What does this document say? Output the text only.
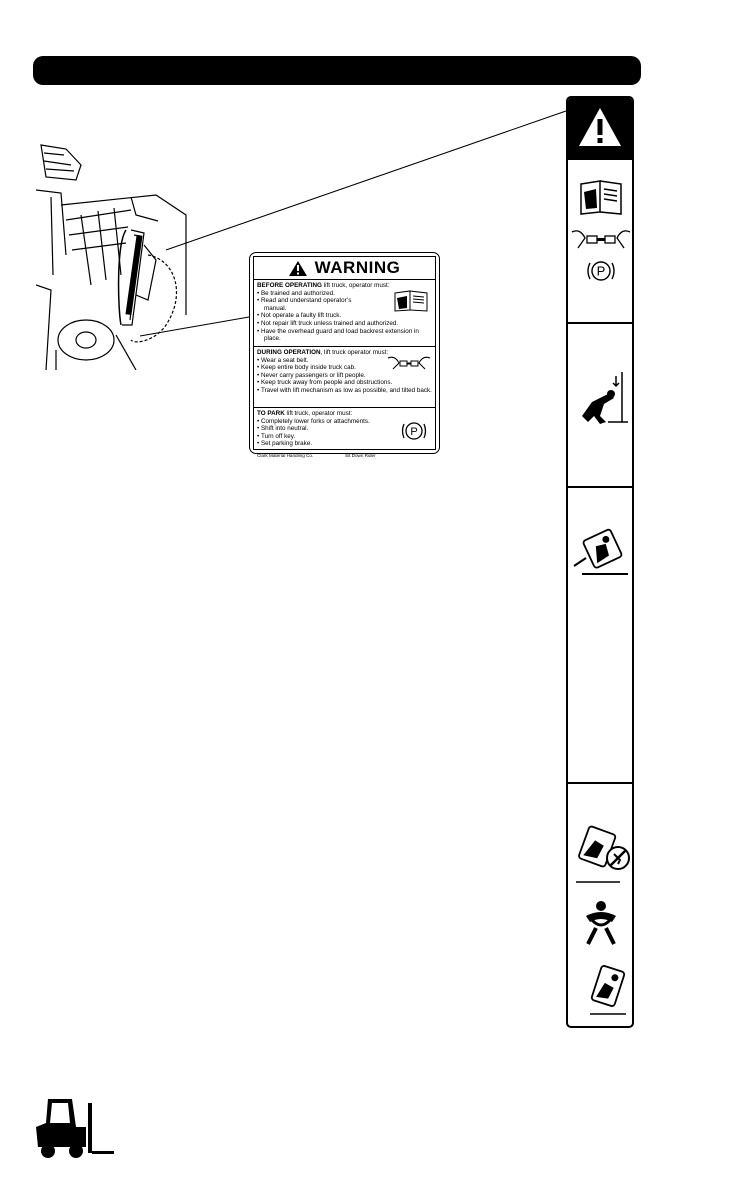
WARNING
BEFORE OPERATING lift truck, operator must:
• Be trained and authorized.
• Read and understand operator’s manual.
• Not operate a faulty lift truck.
• Not repair lift truck unless trained and authorized.
• Have the overhead guard and load backrest extension in place.
DURING OPERATION, lift truck operator must:
• Wear a seat belt.
• Keep entire body inside truck cab.
• Never carry passengers or lift people.
• Keep truck away from people and obstructions.
• Travel with lift mechanism as low as possible, and tilted back.
TO PARK lift truck, operator must:
• Completely lower forks or attachments.
• Shift into neutral.
• Turn off key.
• Set parking brake.
P
Clark Material Handling Co.	Sit Down Rider
P
